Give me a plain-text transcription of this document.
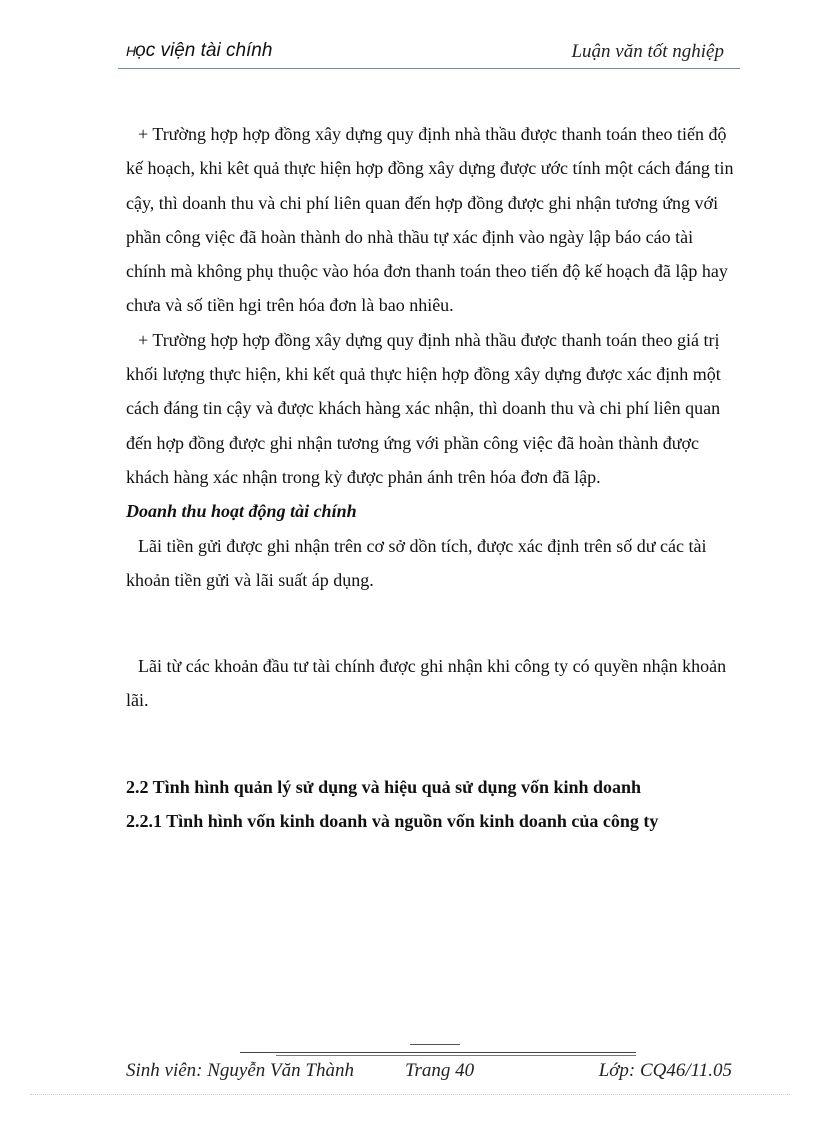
Học viện tài chính	Luận văn tốt nghiệp

+ Trường hợp hợp đồng xây dựng quy định nhà thầu được thanh toán theo tiến độ kế hoạch, khi kêt quả thực hiện hợp đồng xây dựng được ước tính một cách đáng tin cậy, thì doanh thu và chi phí liên quan đến hợp đồng được ghi nhận tương ứng với phần công việc đã hoàn thành do nhà thầu tự xác định vào ngày lập báo cáo tài chính mà không phụ thuộc vào hóa đơn thanh toán theo tiến độ kế hoạch đã lập hay chưa và số tiền hgi trên hóa đơn là bao nhiêu.

+ Trường hợp hợp đồng xây dựng quy định nhà thầu được thanh toán theo giá trị khối lượng thực hiện, khi kết quả thực hiện hợp đồng xây dựng được xác định một cách đáng tin cậy và được khách hàng xác nhận, thì doanh thu và chi phí liên quan đến hợp đồng được ghi nhận tương ứng với phần công việc đã hoàn thành được khách hàng xác nhận trong kỳ được phản ánh trên hóa đơn đã lập.

Doanh thu hoạt động tài chính

Lãi tiền gửi được ghi nhận trên cơ sở dồn tích, được xác định trên số dư các tài khoản tiền gửi và lãi suất áp dụng.

Lãi từ các khoản đầu tư tài chính được ghi nhận khi công ty có quyền nhận khoản lãi.

2.2 Tình hình quản lý sử dụng và hiệu quả sử dụng vốn kinh doanh

2.2.1 Tình hình vốn kinh doanh và nguồn vốn kinh doanh của công ty

Sinh viên: Nguyễn Văn Thành	Trang 40	Lớp: CQ46/11.05
